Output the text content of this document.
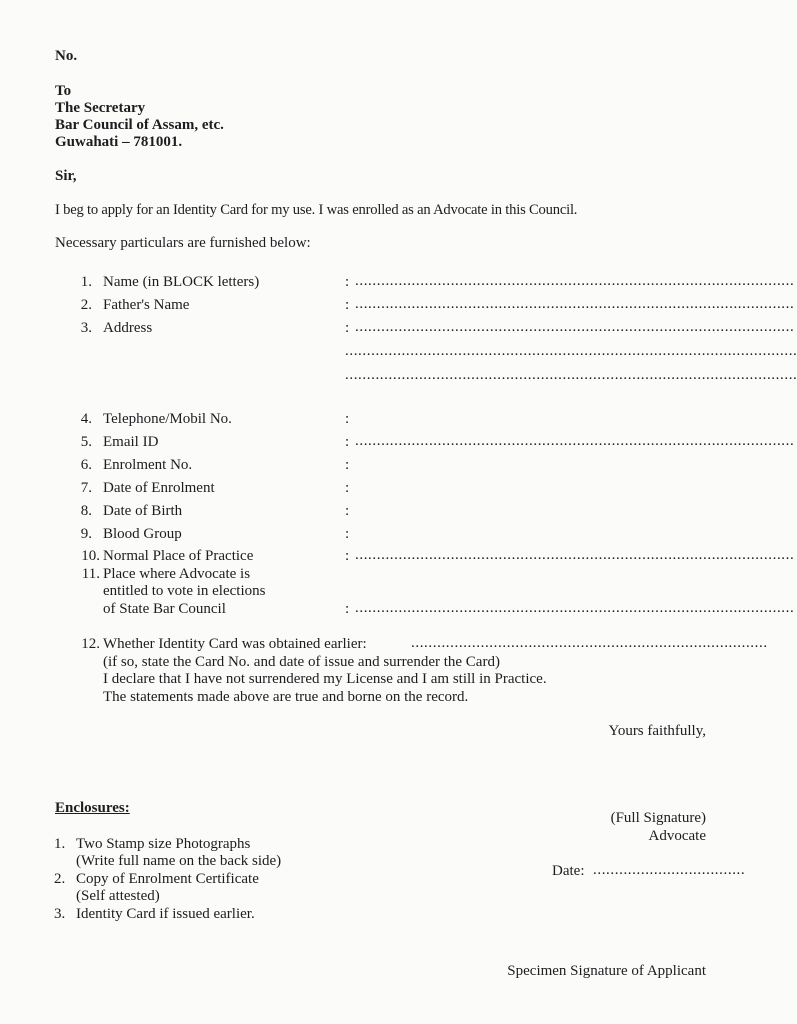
No.
To
The Secretary
Bar Council of Assam, etc.
Guwahati – 781001.
Sir,
I beg to apply for an Identity Card for my use. I was enrolled as an Advocate in this Council.
Necessary particulars are furnished below:
1. Name (in BLOCK letters)	: .....................................................................................................
2. Father's Name	: .....................................................................................................
3. Address	: .....................................................................................................
........................................................................................................
........................................................................................................
4. Telephone/Mobil No.	:
5. Email ID	: .....................................................................................................
6. Enrolment No.	:
7. Date of Enrolment	:
8. Date of Birth	:
9. Blood Group	:
10. Normal Place of Practice	: .....................................................................................................
11. Place where Advocate is
entitled to vote in elections
of State Bar Council	: .....................................................................................................
12. Whether Identity Card was obtained earlier:	..................................................................................
(if so, state the Card No. and date of issue and surrender the Card)
I declare that I have not surrendered my License and I am still in Practice.
The statements made above are true and borne on the record.
Yours faithfully,
Enclosures:
1. Two Stamp size Photographs
(Write full name on the back side)
2. Copy of Enrolment Certificate
(Self attested)
3. Identity Card if issued earlier.
(Full Signature)
Advocate
Date: ...................................
Specimen Signature of Applicant
